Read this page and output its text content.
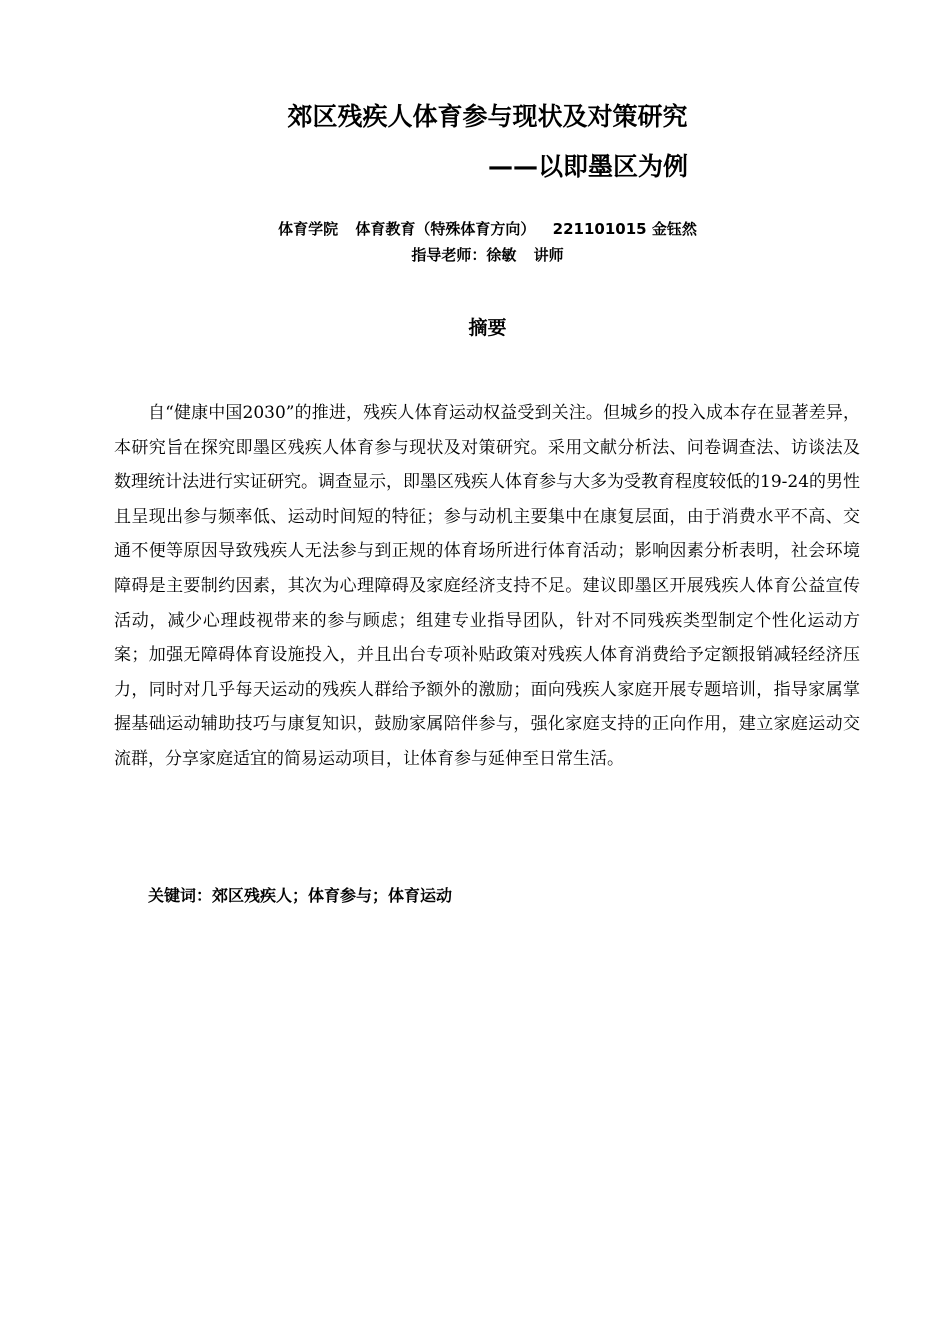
郊区残疾人体育参与现状及对策研究
——以即墨区为例
体育学院 体育教育（特殊体育方向） 221101015 金钰然
指导老师：徐敏 讲师
摘要

自“健康中国2030”的推进，残疾人体育运动权益受到关注。但城乡的投入成本存在显著差异，本研究旨在探究即墨区残疾人体育参与现状及对策研究。采用文献分析法、问卷调查法、访谈法及数理统计法进行实证研究。调查显示，即墨区残疾人体育参与大多为受教育程度较低的19-24的男性且呈现出参与频率低、运动时间短的特征；参与动机主要集中在康复层面，由于消费水平不高、交通不便等原因导致残疾人无法参与到正规的体育场所进行体育活动；影响因素分析表明，社会环境障碍是主要制约因素，其次为心理障碍及家庭经济支持不足。建议即墨区开展残疾人体育公益宣传活动，减少心理歧视带来的参与顾虑；组建专业指导团队，针对不同残疾类型制定个性化运动方案；加强无障碍体育设施投入，并且出台专项补贴政策对残疾人体育消费给予定额报销减轻经济压力，同时对几乎每天运动的残疾人群给予额外的激励；面向残疾人家庭开展专题培训，指导家属掌握基础运动辅助技巧与康复知识，鼓励家属陪伴参与，强化家庭支持的正向作用，建立家庭运动交流群，分享家庭适宜的简易运动项目，让体育参与延伸至日常生活。

关键词：郊区残疾人；体育参与；体育运动
